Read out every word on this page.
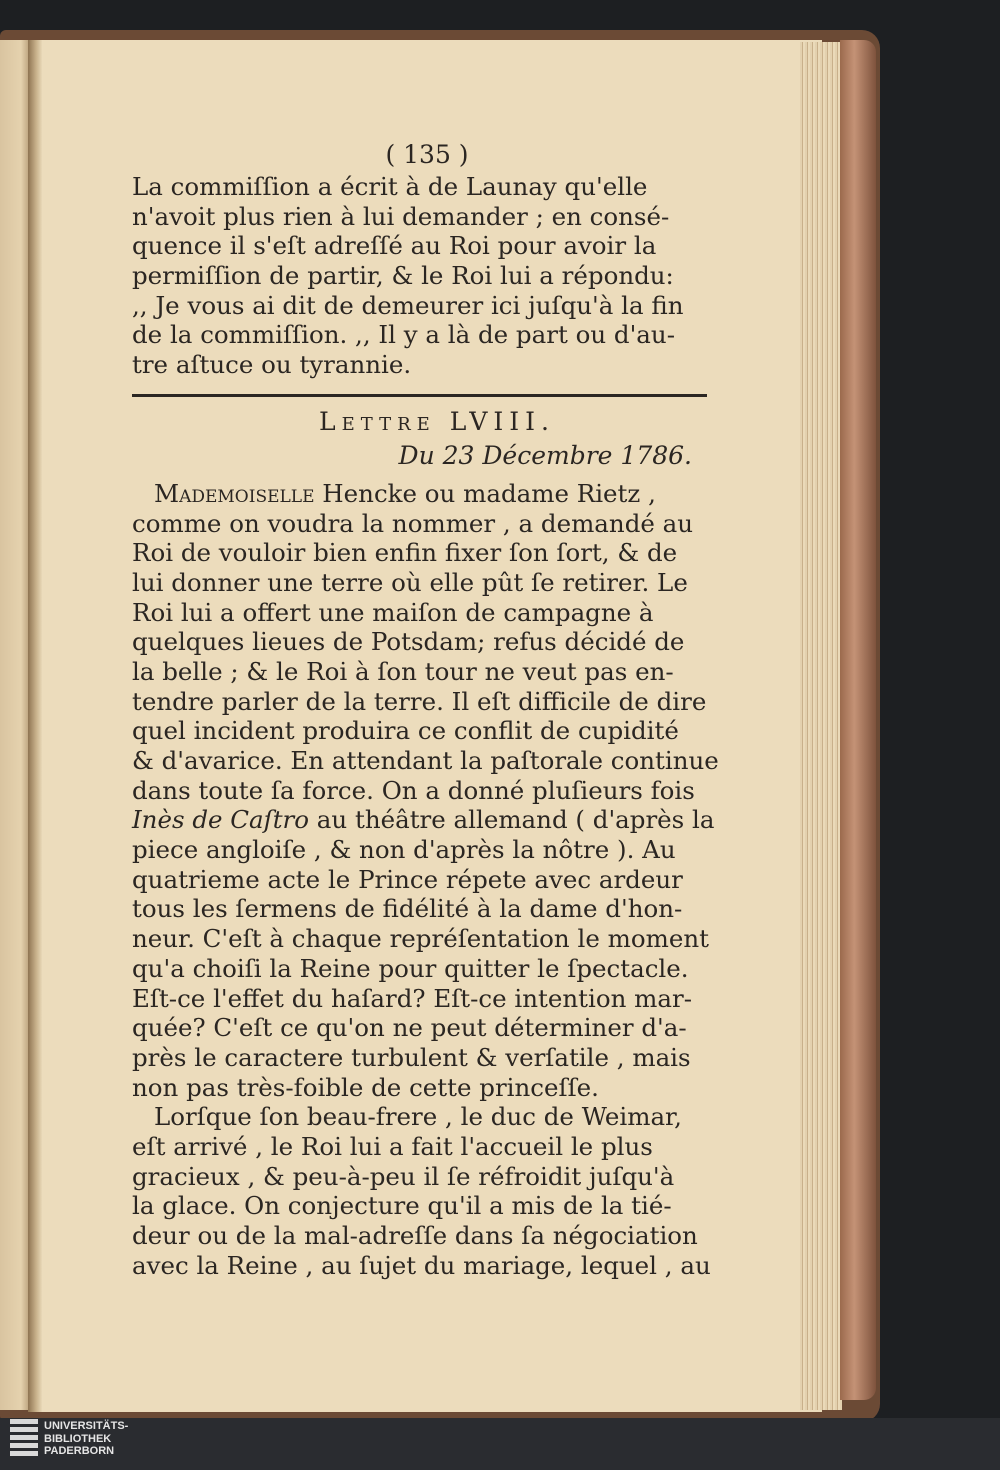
( 135 )
La commiſſion a écrit à de Launay qu'elle
n'avoit plus rien à lui demander ; en consé-
quence il s'eſt adreſſé au Roi pour avoir la
permiſſion de partir, & le Roi lui a répondu:
,, Je vous ai dit de demeurer ici juſqu'à la fin
de la commiſſion. ,, Il y a là de part ou d'au-
tre aſtuce ou tyrannie.
Lettre LVIII.
Du 23 Décembre 1786.
Mademoiselle Hencke ou madame Rietz ,
comme on voudra la nommer , a demandé au
Roi de vouloir bien enfin fixer ſon ſort, & de
lui donner une terre où elle pût ſe retirer. Le
Roi lui a offert une maiſon de campagne à
quelques lieues de Potsdam; refus décidé de
la belle ; & le Roi à ſon tour ne veut pas en-
tendre parler de la terre. Il eſt difficile de dire
quel incident produira ce conflit de cupidité
& d'avarice. En attendant la paſtorale continue
dans toute ſa force. On a donné pluſieurs fois
Inès de Caſtro au théâtre allemand ( d'après la
piece angloiſe , & non d'après la nôtre ). Au
quatrieme acte le Prince répete avec ardeur
tous les ſermens de fidélité à la dame d'hon-
neur. C'eſt à chaque repréſentation le moment
qu'a choiſi la Reine pour quitter le ſpectacle.
Eſt-ce l'effet du haſard? Eſt-ce intention mar-
quée? C'eſt ce qu'on ne peut déterminer d'a-
près le caractere turbulent & verſatile , mais
non pas très-foible de cette princeſſe.
Lorſque ſon beau-frere , le duc de Weimar,
eſt arrivé , le Roi lui a fait l'accueil le plus
gracieux , & peu-à-peu il ſe réfroidit juſqu'à
la glace. On conjecture qu'il a mis de la tié-
deur ou de la mal-adreſſe dans ſa négociation
avec la Reine , au ſujet du mariage, lequel , au
UNIVERSITÄTS-
BIBLIOTHEK
PADERBORN
